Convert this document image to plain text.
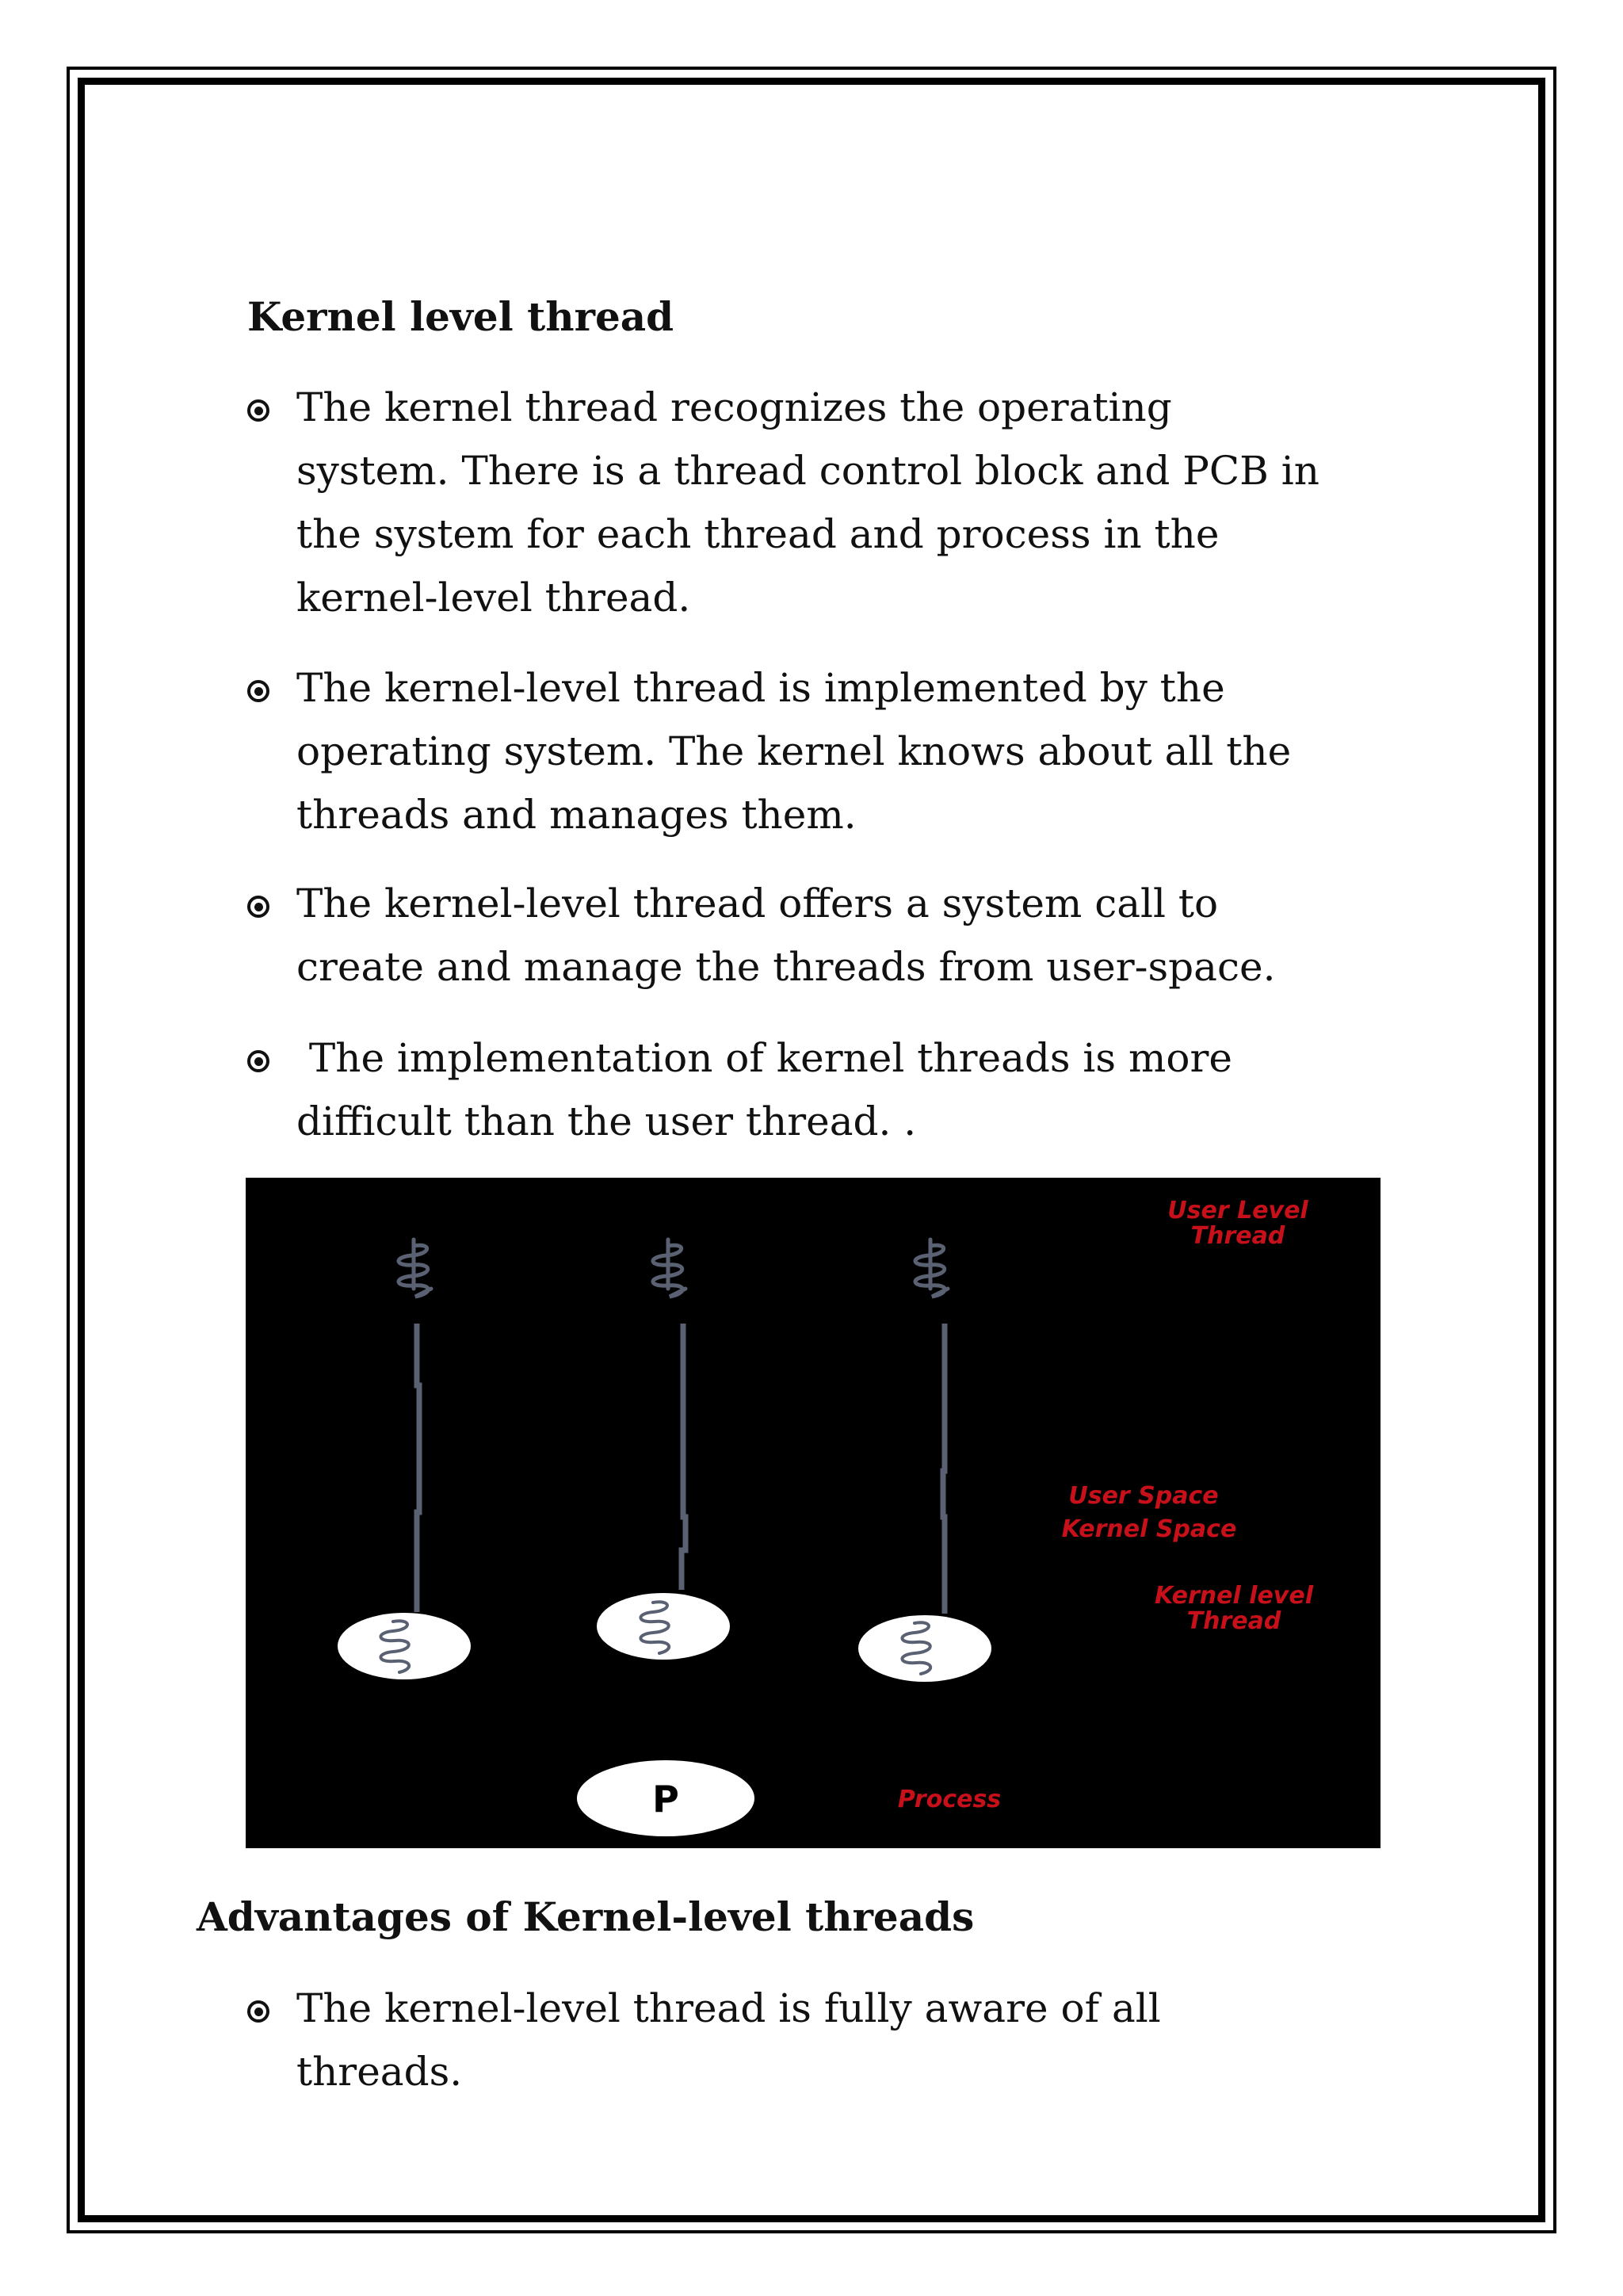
Kernel level thread
The kernel thread recognizes the operating
system. There is a thread control block and PCB in
the system for each thread and process in the
kernel-level thread.
The kernel-level thread is implemented by the
operating system. The kernel knows about all the
threads and manages them.
The kernel-level thread offers a system call to
create and manage the threads from user-space.
The implementation of kernel threads is more
difficult than the user thread. .
P
User Level
Thread
User Space
Kernel Space
Kernel level
Thread
Process
Advantages of Kernel-level threads
The kernel-level thread is fully aware of all
threads.
